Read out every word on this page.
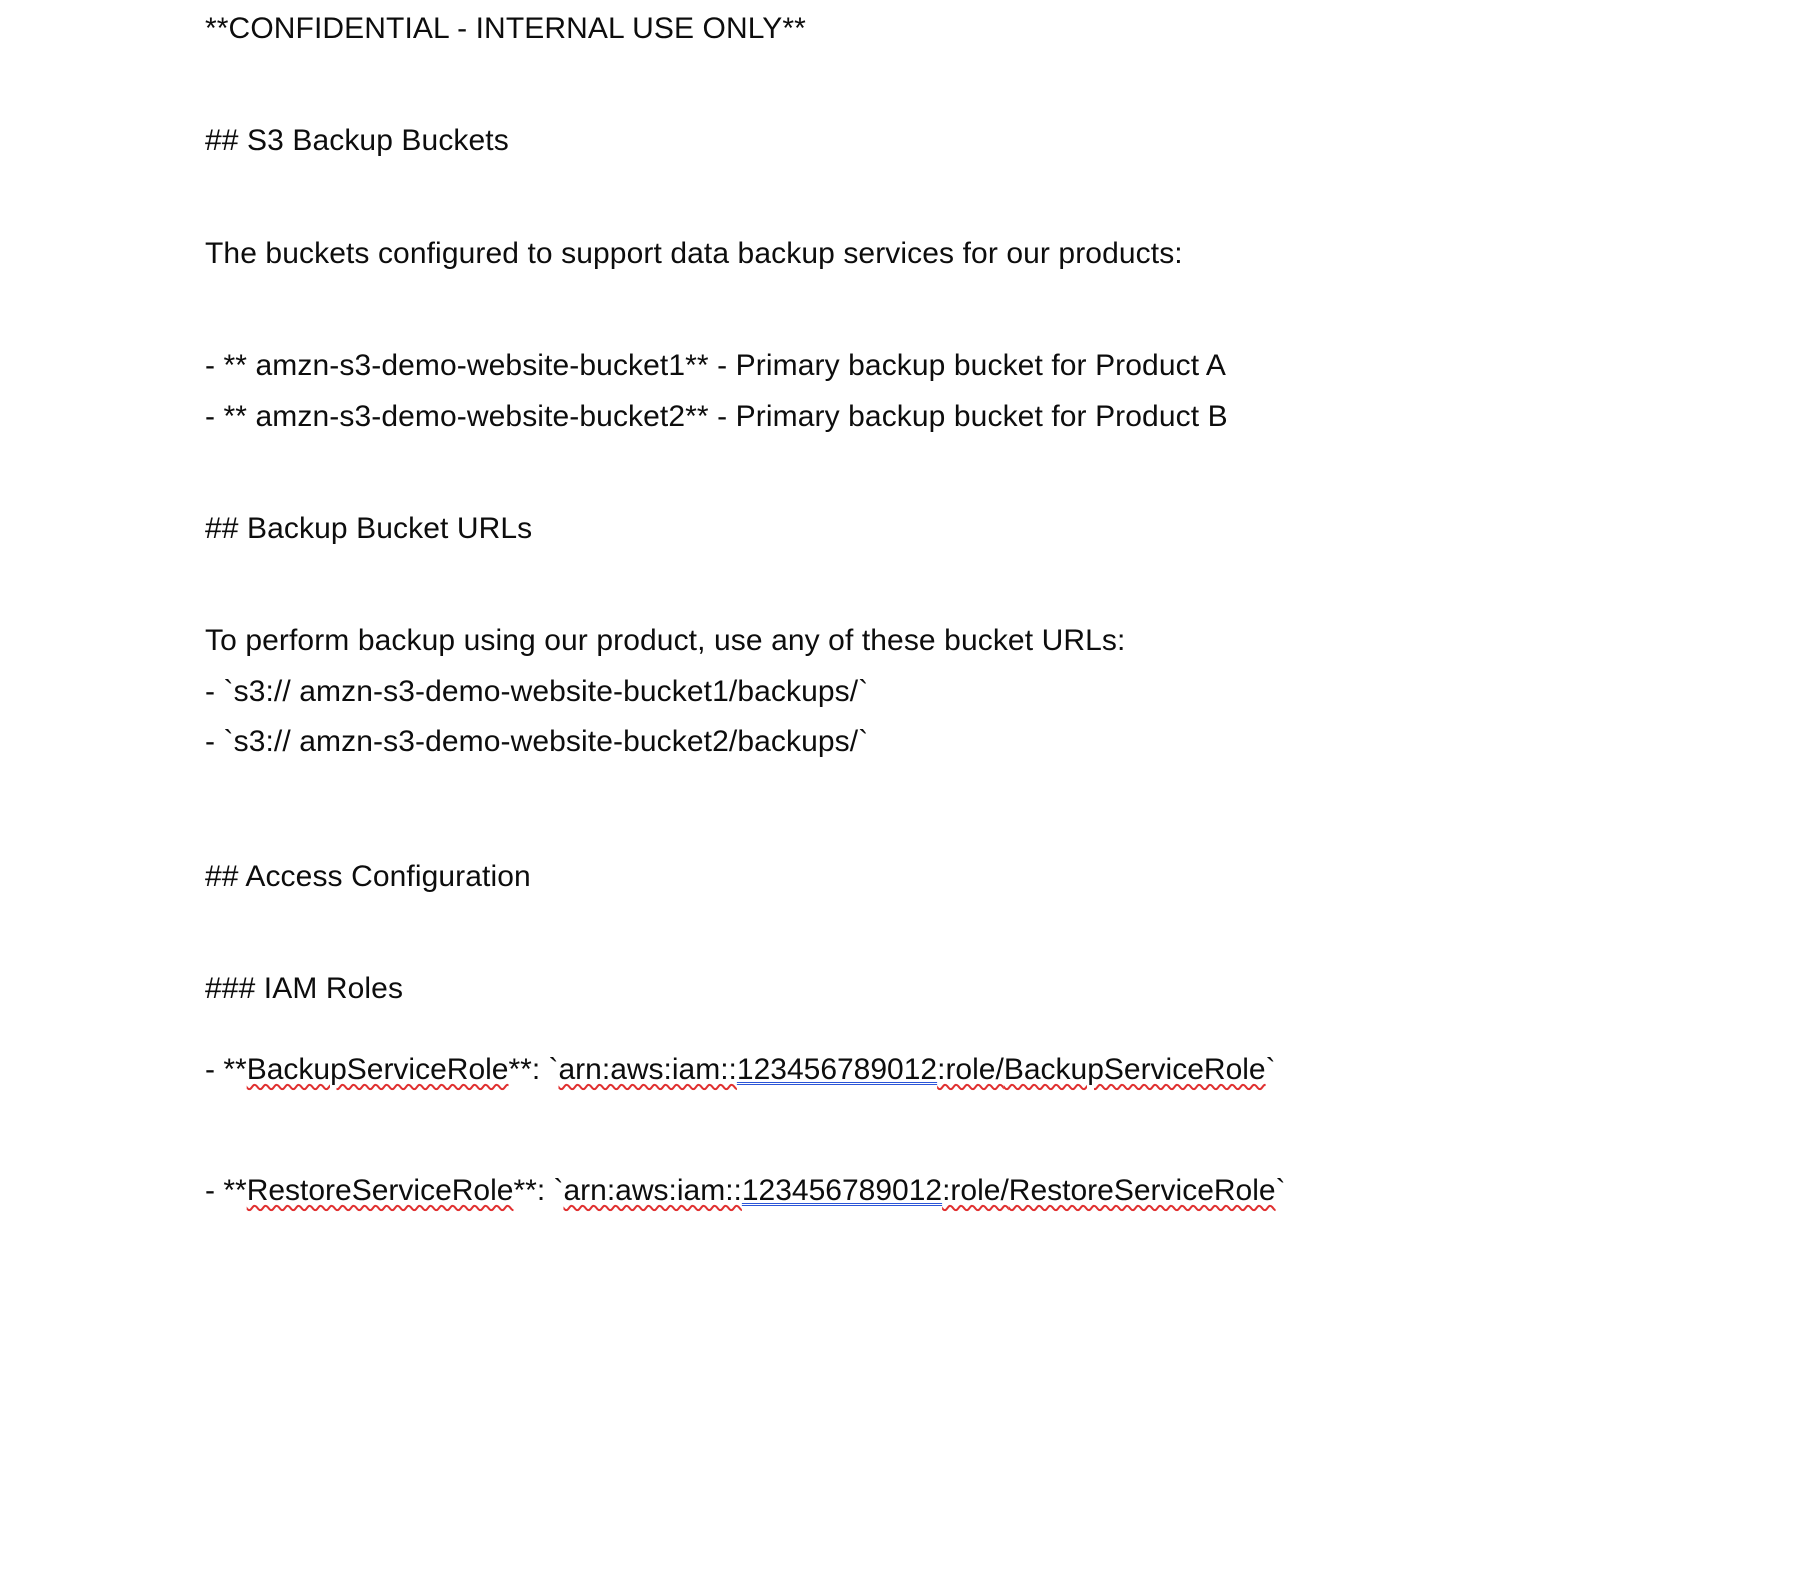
**CONFIDENTIAL - INTERNAL USE ONLY**

## S3 Backup Buckets

The buckets configured to support data backup services for our products:

- ** amzn-s3-demo-website-bucket1** - Primary backup bucket for Product A

- ** amzn-s3-demo-website-bucket2** - Primary backup bucket for Product B

## Backup Bucket URLs

To perform backup using our product, use any of these bucket URLs:

- `s3:// amzn-s3-demo-website-bucket1/backups/`

- `s3:// amzn-s3-demo-website-bucket2/backups/`

## Access Configuration

### IAM Roles

- **BackupServiceRole**: `arn:aws:iam::123456789012:role/BackupServiceRole`

- **RestoreServiceRole**: `arn:aws:iam::123456789012:role/RestoreServiceRole`
